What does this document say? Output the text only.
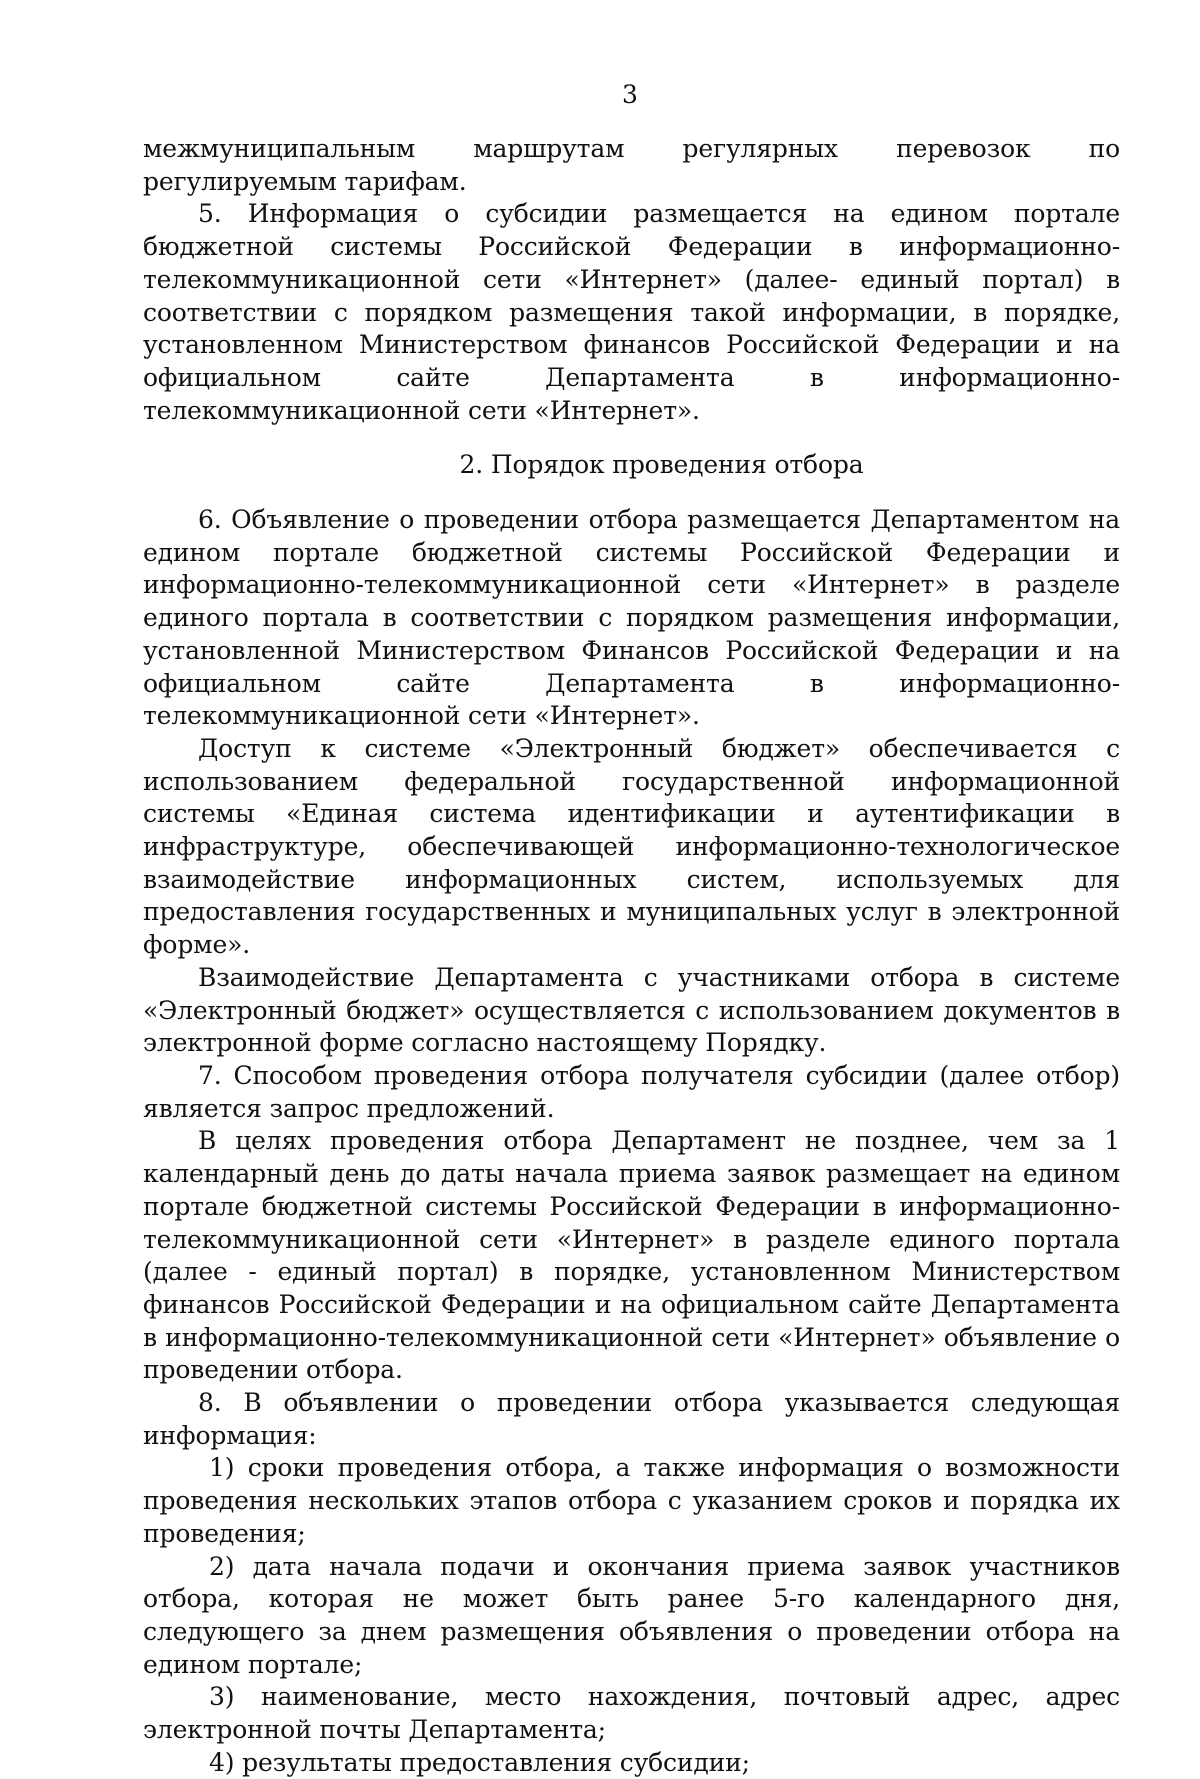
3

межмуниципальным маршрутам регулярных перевозок по регулируемым тарифам.

5. Информация о субсидии размещается на едином портале бюджетной системы Российской Федерации в информационно-телекоммуникационной сети «Интернет» (далее- единый портал) в соответствии с порядком размещения такой информации, в порядке, установленном Министерством финансов Российской Федерации и на официальном сайте Департамента в информационно-телекоммуникационной сети «Интернет».

2. Порядок проведения отбора

6. Объявление о проведении отбора размещается Департаментом на едином портале бюджетной системы Российской Федерации и информационно-телекоммуникационной сети «Интернет» в разделе единого портала в соответствии с порядком размещения информации, установленной Министерством Финансов Российской Федерации и на официальном сайте Департамента в информационно-телекоммуникационной сети «Интернет».

Доступ к системе «Электронный бюджет» обеспечивается с использованием федеральной государственной информационной системы «Единая система идентификации и аутентификации в инфраструктуре, обеспечивающей информационно-технологическое взаимодействие информационных систем, используемых для предоставления государственных и муниципальных услуг в электронной форме».

Взаимодействие Департамента с участниками отбора в системе «Электронный бюджет» осуществляется с использованием документов в электронной форме согласно настоящему Порядку.

7. Способом проведения отбора получателя субсидии (далее отбор) является запрос предложений.

В целях проведения отбора Департамент не позднее, чем за 1 календарный день до даты начала приема заявок размещает на едином портале бюджетной системы Российской Федерации в информационно-телекоммуникационной сети «Интернет» в разделе единого портала (далее - единый портал) в порядке, установленном Министерством финансов Российской Федерации и на официальном сайте Департамента в информационно-телекоммуникационной сети «Интернет» объявление о проведении отбора.

8. В объявлении о проведении отбора указывается следующая информация:

1) сроки проведения отбора, а также информация о возможности проведения нескольких этапов отбора с указанием сроков и порядка их проведения;

2) дата начала подачи и окончания приема заявок участников отбора, которая не может быть ранее 5-го календарного дня, следующего за днем размещения объявления о проведении отбора на едином портале;

3) наименование, место нахождения, почтовый адрес, адрес электронной почты Департамента;

4) результаты предоставления субсидии;
